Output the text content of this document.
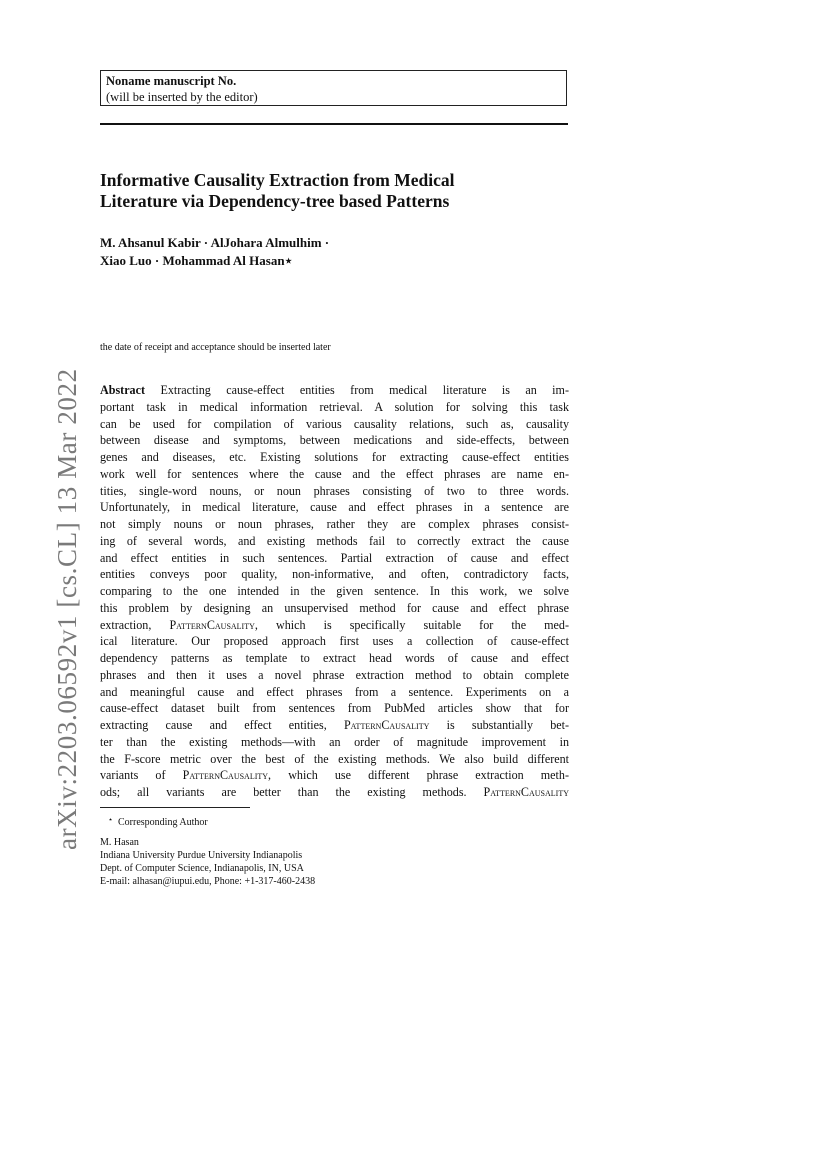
arXiv:2203.06592v1 [cs.CL] 13 Mar 2022
Noname manuscript No.
(will be inserted by the editor)
Informative Causality Extraction from Medical
Literature via Dependency-tree based Patterns
M. Ahsanul Kabir · AlJohara Almulhim ·
Xiao Luo · Mohammad Al Hasan⋆
the date of receipt and acceptance should be inserted later
Abstract Extracting cause-effect entities from medical literature is an im-
portant task in medical information retrieval. A solution for solving this task
can be used for compilation of various causality relations, such as, causality
between disease and symptoms, between medications and side-effects, between
genes and diseases, etc. Existing solutions for extracting cause-effect entities
work well for sentences where the cause and the effect phrases are name en-
tities, single-word nouns, or noun phrases consisting of two to three words.
Unfortunately, in medical literature, cause and effect phrases in a sentence are
not simply nouns or noun phrases, rather they are complex phrases consist-
ing of several words, and existing methods fail to correctly extract the cause
and effect entities in such sentences. Partial extraction of cause and effect
entities conveys poor quality, non-informative, and often, contradictory facts,
comparing to the one intended in the given sentence. In this work, we solve
this problem by designing an unsupervised method for cause and effect phrase
extraction, PatternCausality, which is specifically suitable for the med-
ical literature. Our proposed approach first uses a collection of cause-effect
dependency patterns as template to extract head words of cause and effect
phrases and then it uses a novel phrase extraction method to obtain complete
and meaningful cause and effect phrases from a sentence. Experiments on a
cause-effect dataset built from sentences from PubMed articles show that for
extracting cause and effect entities, PatternCausality is substantially bet-
ter than the existing methods—with an order of magnitude improvement in
the F-score metric over the best of the existing methods. We also build different
variants of PatternCausality, which use different phrase extraction meth-
ods; all variants are better than the existing methods. PatternCausality
⋆ Corresponding Author
M. Hasan
Indiana University Purdue University Indianapolis
Dept. of Computer Science, Indianapolis, IN, USA
E-mail: alhasan@iupui.edu, Phone: +1-317-460-2438
